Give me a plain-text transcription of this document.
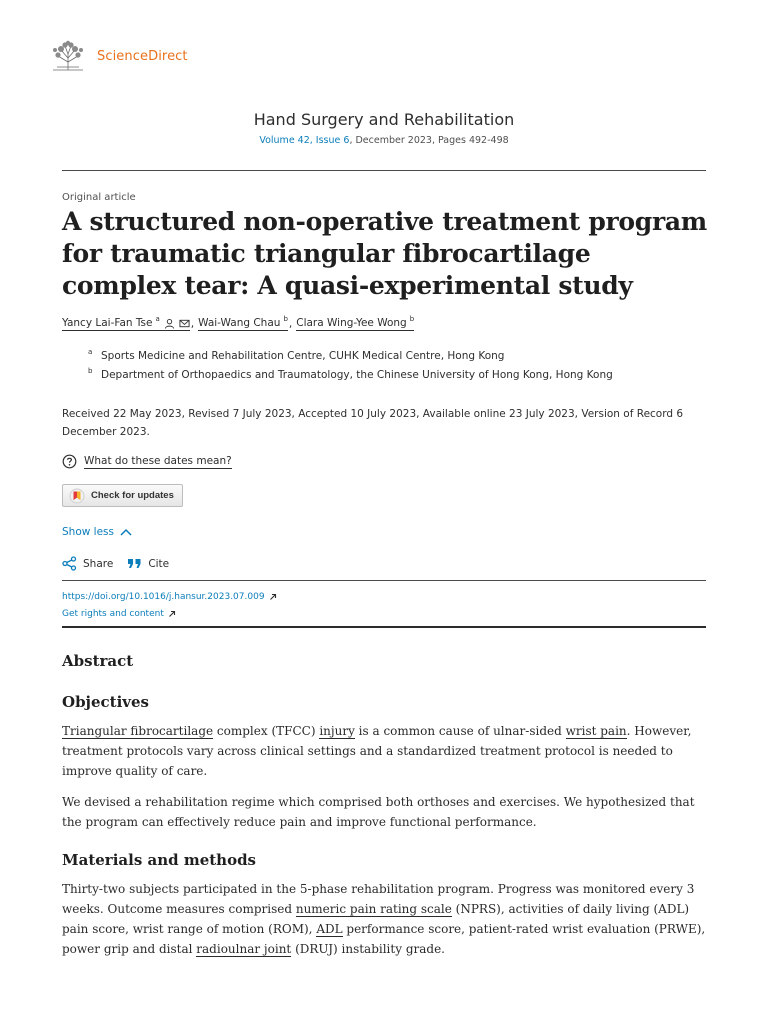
ScienceDirect
Hand Surgery and Rehabilitation
Volume 42, Issue 6, December 2023, Pages 492-498
Original article
A structured non-operative treatment program for traumatic triangular fibrocartilage complex tear: A quasi-experimental study
Yancy Lai-Fan Tse $^a$	, Wai-Wang Chau $^b$ , Clara Wing-Yee Wong $^b$
a Sports Medicine and Rehabilitation Centre, CUHK Medical Centre, Hong Kong
b Department of Orthopaedics and Traumatology, the Chinese University of Hong Kong, Hong Kong
Received 22 May 2023, Revised 7 July 2023, Accepted 10 July 2023, Available online 23 July 2023, Version of Record 6 December 2023.
What do these dates mean?
Check for updates
Show less
Share	Cite
https://doi.org/10.1016/j.hansur.2023.07.009
Get rights and content
Abstract
Objectives

Triangular fibrocartilage complex (TFCC) injury is a common cause of ulnar-sided wrist pain. However, treatment protocols vary across clinical settings and a standardized treatment protocol is needed to improve quality of care.

We devised a rehabilitation regime which comprised both orthoses and exercises. We hypothesized that the program can effectively reduce pain and improve functional performance.

Materials and methods

Thirty-two subjects participated in the 5-phase rehabilitation program. Progress was monitored every 3 weeks. Outcome measures comprised numeric pain rating scale (NPRS), activities of daily living (ADL) pain score, wrist range of motion (ROM), ADL performance score, patient-rated wrist evaluation (PRWE), power grip and distal radioulnar joint (DRUJ) instability grade.
